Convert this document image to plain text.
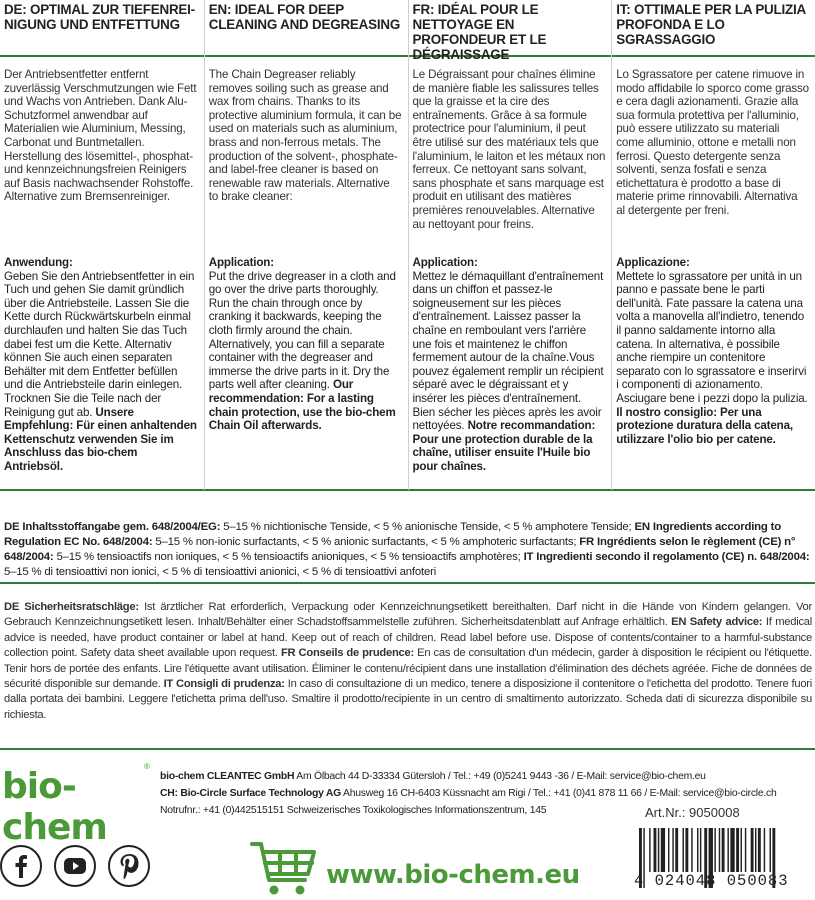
DE: OPTIMAL ZUR TIEFENREI-NIGUNG UND ENTFETTUNG
Der Antriebsentfetter entfernt zuverlässig Verschmutzungen wie Fett und Wachs von Antrieben. Dank Alu-Schutzformel anwendbar auf Materialien wie Aluminium, Messing, Carbonat und Buntmetallen. Herstellung des lösemittel-, phosphat- und kennzeichnungsfreien Reinigers auf Basis nachwachsender Rohstoffe. Alternative zum Bremsenreiniger.
Anwendung:
Geben Sie den Antriebsentfetter in ein Tuch und gehen Sie damit gründlich über die Antriebsteile. Lassen Sie die Kette durch Rückwärtskurbeln einmal durchlaufen und halten Sie das Tuch dabei fest um die Kette. Alternativ können Sie auch einen separaten Behälter mit dem Entfetter befüllen und die Antriebsteile darin einlegen. Trocknen Sie die Teile nach der Reinigung gut ab. Unsere Empfehlung: Für einen anhaltenden Kettenschutz verwenden Sie im Anschluss das bio-chem Antriebsöl.
EN: IDEAL FOR DEEP CLEANING AND DEGREASING
The Chain Degreaser reliably removes soiling such as grease and wax from chains. Thanks to its protective aluminium formula, it can be used on materials such as aluminium, brass and non-ferrous metals. The production of the solvent-, phosphate- and label-free cleaner is based on renewable raw materials. Alternative to brake cleaner:
Application:
Put the drive degreaser in a cloth and go over the drive parts thoroughly. Run the chain through once by cranking it backwards, keeping the cloth firmly around the chain. Alternatively, you can fill a separate container with the degreaser and immerse the drive parts in it. Dry the parts well after cleaning. Our recommendation: For a lasting chain protection, use the bio-chem Chain Oil afterwards.
FR: IDÉAL POUR LE NETTOYAGE EN PROFONDEUR ET LE DÉGRAISSAGE
Le Dégraissant pour chaînes élimine de manière fiable les salissures telles que la graisse et la cire des entraînements. Grâce à sa formule protectrice pour l'aluminium, il peut être utilisé sur des matériaux tels que l'aluminium, le laiton et les métaux non ferreux. Ce nettoyant sans solvant, sans phosphate et sans marquage est produit en utilisant des matières premières renouvelables. Alternative au nettoyant pour freins.
Application:
Mettez le démaquillant d'entraînement dans un chiffon et passez-le soigneusement sur les pièces d'entraînement. Laissez passer la chaîne en remboulant vers l'arrière une fois et maintenez le chiffon fermement autour de la chaîne.Vous pouvez également remplir un récipient séparé avec le dégraissant et y insérer les pièces d'entraînement. Bien sécher les pièces après les avoir nettoyées. Notre recommandation: Pour une protection durable de la chaîne, utiliser ensuite l'Huile bio pour chaînes.
IT: OTTIMALE PER LA PULIZIA PROFONDA E LO SGRASSAGGIO
Lo Sgrassatore per catene rimuove in modo affidabile lo sporco come grasso e cera dagli azionamenti. Grazie alla sua formula protettiva per l'alluminio, può essere utilizzato su materiali come alluminio, ottone e metalli non ferrosi. Questo detergente senza solventi, senza fosfati e senza etichettatura è prodotto a base di materie prime rinnovabili. Alternativa al detergente per freni.
Applicazione:
Mettete lo sgrassatore per unità in un panno e passate bene le parti dell'unità. Fate passare la catena una volta a manovella all'indietro, tenendo il panno saldamente intorno alla catena. In alternativa, è possibile anche riempire un contenitore separato con lo sgrassatore e inserirvi i componenti di azionamento. Asciugare bene i pezzi dopo la pulizia. Il nostro consiglio: Per una protezione duratura della catena, utilizzare l'olio bio per catene.
DE Inhaltsstoffangabe gem. 648/2004/EG: 5–15 % nichtionische Tenside, < 5 % anionische Tenside, < 5 % amphotere Tenside; EN Ingredients according to Regulation EC No. 648/2004: 5–15 % non-ionic surfactants, < 5 % anionic surfactants, < 5 % amphoteric surfactants; FR Ingrédients selon le règlement (CE) n° 648/2004: 5–15 % tensioactifs non ioniques, < 5 % tensioactifs anioniques, < 5 % tensioactifs amphotères; IT Ingredienti secondo il regolamento (CE) n. 648/2004: 5–15 % di tensioattivi non ionici, < 5 % di tensioattivi anionici, < 5 % di tensioattivi anfoteri
DE Sicherheitsratschläge: Ist ärztlicher Rat erforderlich, Verpackung oder Kennzeichnungsetikett bereithalten. Darf nicht in die Hände von Kindern gelangen. Vor Gebrauch Kennzeichnungsetikett lesen. Inhalt/Behälter einer Schadstoffsammelstelle zuführen. Sicherheitsdatenblatt auf Anfrage erhältlich. EN Safety advice: If medical advice is needed, have product container or label at hand. Keep out of reach of children. Read label before use. Dispose of contents/container to a harmful-substance collection point. Safety data sheet available upon request. FR Conseils de prudence: En cas de consultation d'un médecin, garder à disposition le récipient ou l'étiquette. Tenir hors de portée des enfants. Lire l'étiquette avant utilisation. Éliminer le contenu/récipient dans une installation d'élimination des déchets agréée. Fiche de données de sécurité disponible sur demande. IT Consigli di prudenza: In caso di consultazione di un medico, tenere a disposizione il contenitore o l'etichetta del prodotto. Tenere fuori dalla portata dei bambini. Leggere l'etichetta prima dell'uso. Smaltire il prodotto/recipiente in un centro di smaltimento autorizzato. Scheda dati di sicurezza disponibile su richiesta.
bio-chem
®
bio-chem CLEANTEC GmbH Am Ölbach 44 D-33334 Gütersloh / Tel.: +49 (0)5241 9443 -36 / E-Mail: service@bio-chem.eu
CH: Bio-Circle Surface Technology AG Ahusweg 16 CH-6403 Küssnacht am Rigi / Tel.: +41 (0)41 878 11 66 / E-Mail: service@bio-circle.ch
Notrufnr.: +41 (0)442515151 Schweizerisches Toxikologisches Informationszentrum, 145	Art.Nr.: 9050008
www.bio-chem.eu	4 024048 050083
